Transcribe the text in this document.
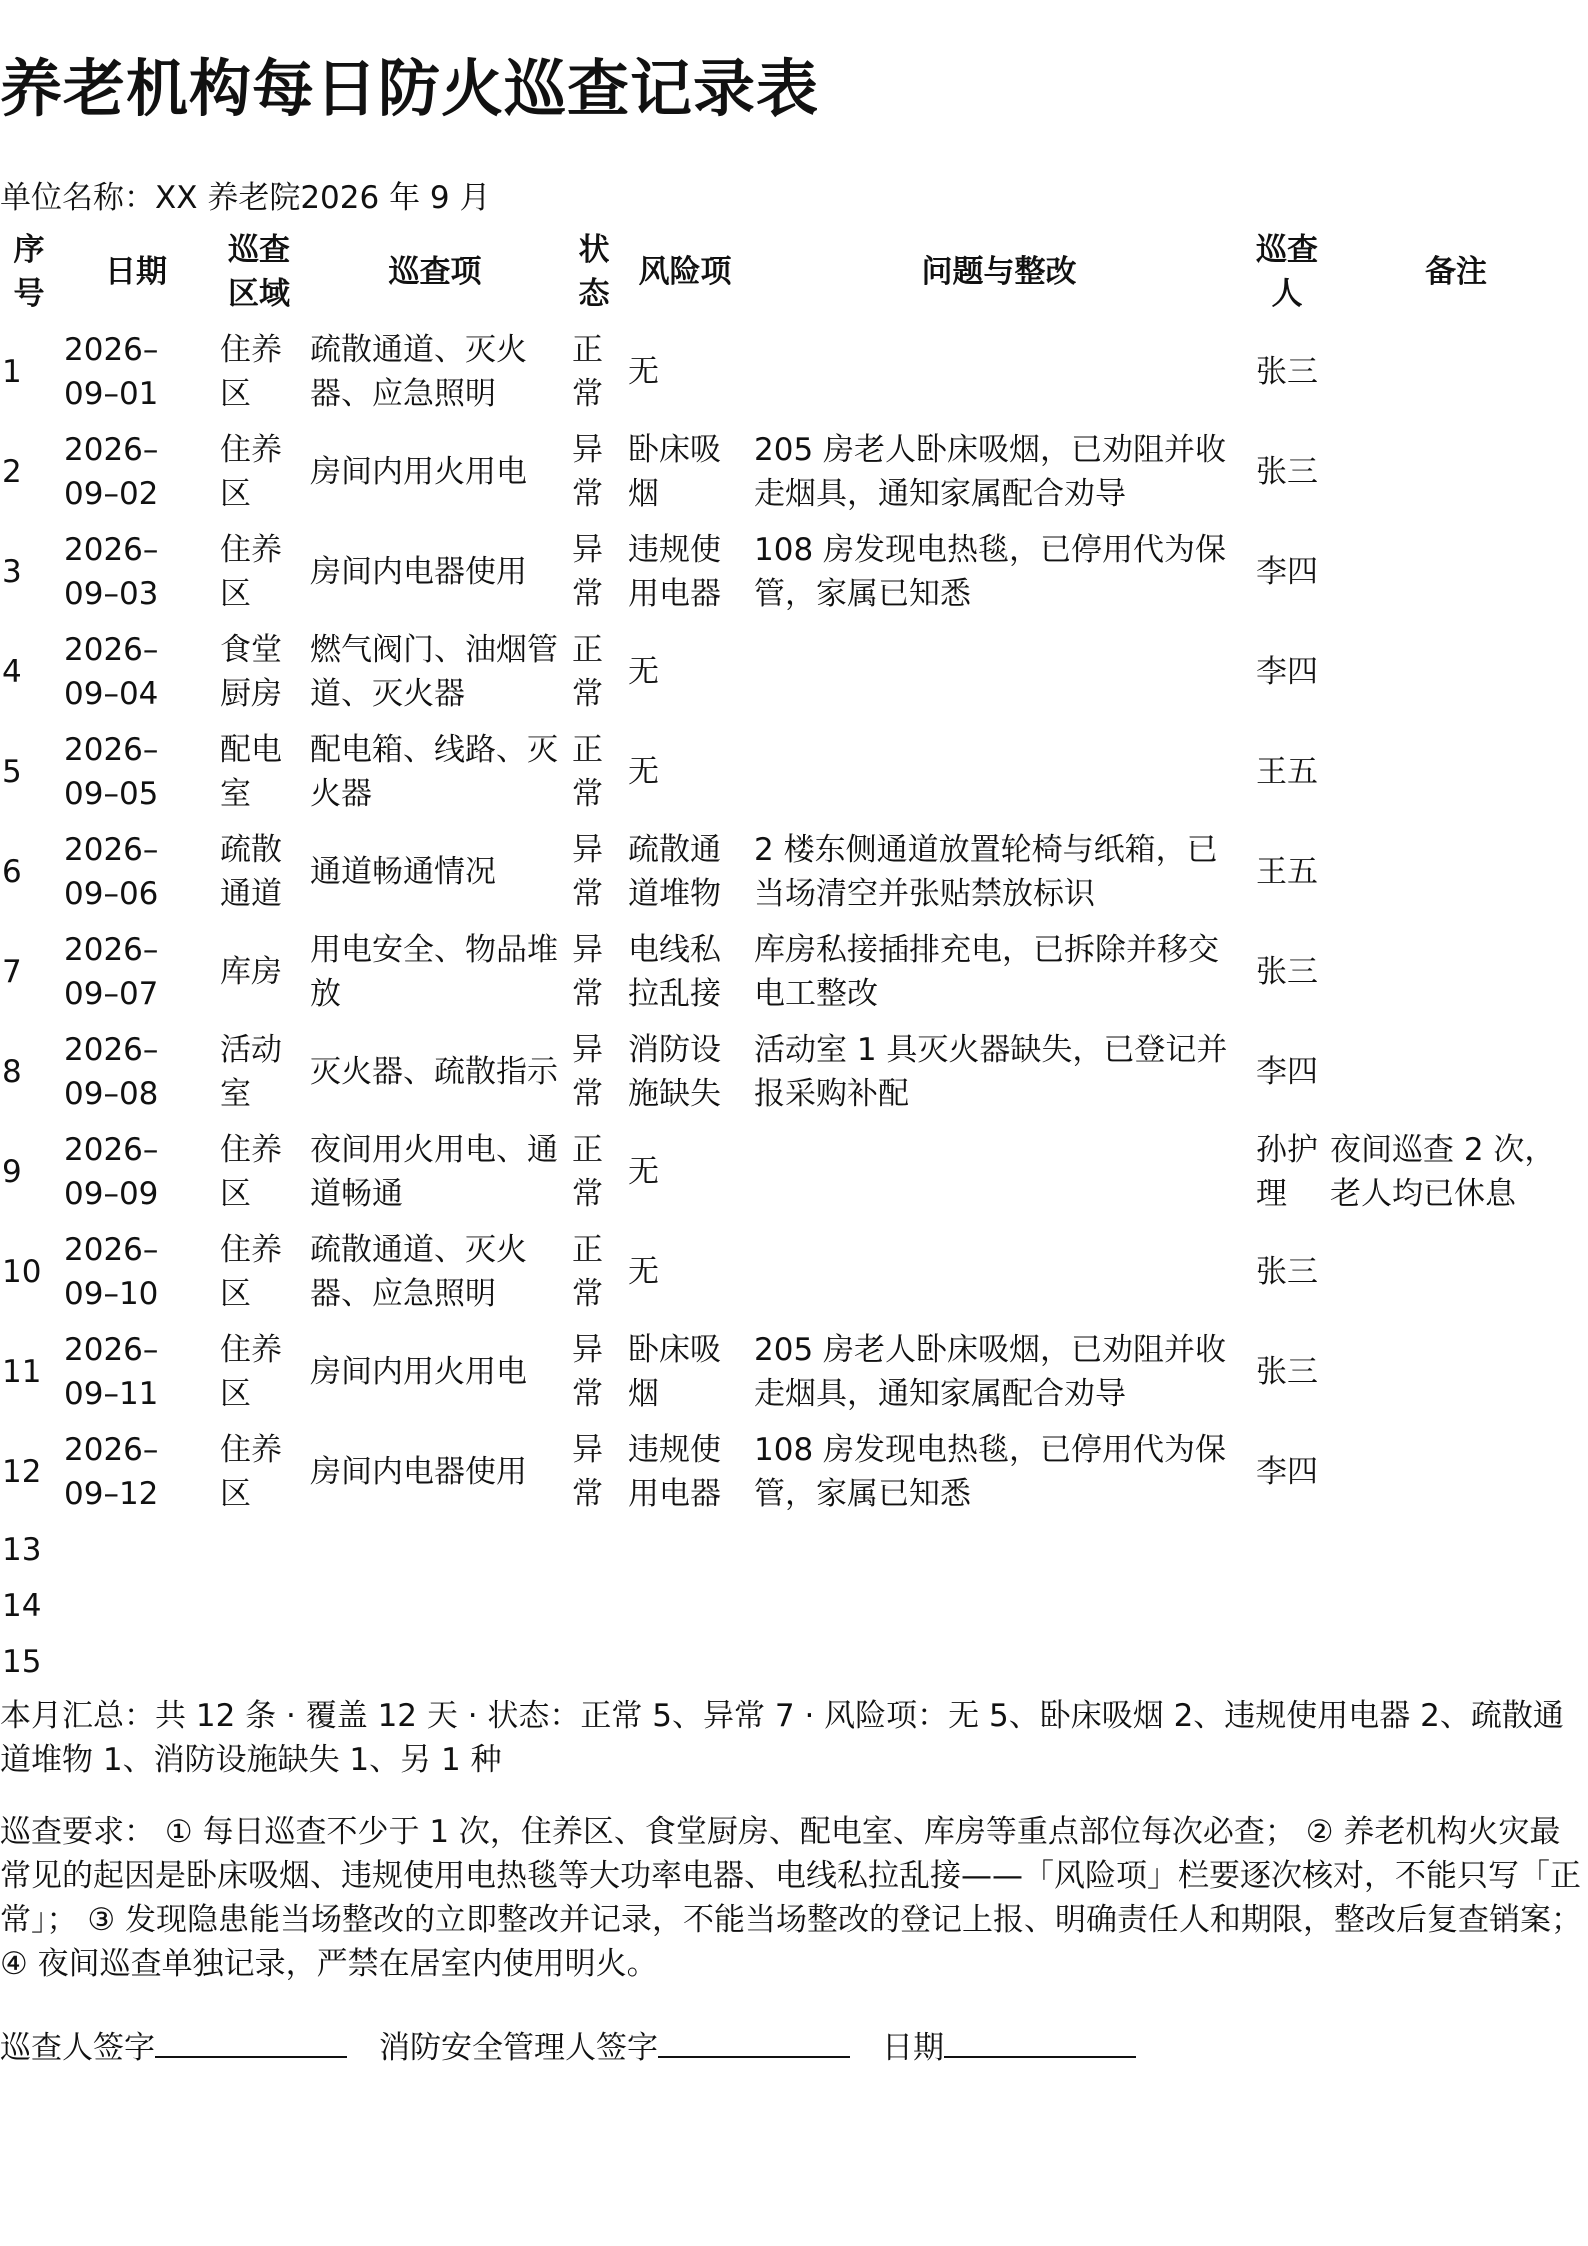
养老机构每日防火巡查记录表
单位名称：XX 养老院2026 年 9 月
序号	日期	巡查区域	巡查项	状态	风险项	问题与整改	巡查人	备注
1	2026–09–01	住养区	疏散通道、灭火器、应急照明	正常	无		张三	
2	2026–09–02	住养区	房间内用火用电	异常	卧床吸烟	205 房老人卧床吸烟，已劝阻并收走烟具，通知家属配合劝导	张三	
3	2026–09–03	住养区	房间内电器使用	异常	违规使用电器	108 房发现电热毯，已停用代为保管，家属已知悉	李四	
4	2026–09–04	食堂厨房	燃气阀门、油烟管道、灭火器	正常	无		李四	
5	2026–09–05	配电室	配电箱、线路、灭火器	正常	无		王五	
6	2026–09–06	疏散通道	通道畅通情况	异常	疏散通道堆物	2 楼东侧通道放置轮椅与纸箱，已当场清空并张贴禁放标识	王五	
7	2026–09–07	库房	用电安全、物品堆放	异常	电线私拉乱接	库房私接插排充电，已拆除并移交电工整改	张三	
8	2026–09–08	活动室	灭火器、疏散指示	异常	消防设施缺失	活动室 1 具灭火器缺失，已登记并报采购补配	李四	
9	2026–09–09	住养区	夜间用火用电、通道畅通	正常	无		孙护理	夜间巡查 2 次，老人均已休息
10	2026–09–10	住养区	疏散通道、灭火器、应急照明	正常	无		张三	
11	2026–09–11	住养区	房间内用火用电	异常	卧床吸烟	205 房老人卧床吸烟，已劝阻并收走烟具，通知家属配合劝导	张三	
12	2026–09–12	住养区	房间内电器使用	异常	违规使用电器	108 房发现电热毯，已停用代为保管，家属已知悉	李四	
13								
14								
15								
本月汇总：共 12 条 · 覆盖 12 天 · 状态：正常 5、异常 7 · 风险项：无 5、卧床吸烟 2、违规使用电器 2、疏散通道堆物 1、消防设施缺失 1、另 1 种
巡查要求： ① 每日巡查不少于 1 次，住养区、食堂厨房、配电室、库房等重点部位每次必查； ② 养老机构火灾最常见的起因是卧床吸烟、违规使用电热毯等大功率电器、电线私拉乱接——「风险项」栏要逐次核对，不能只写「正常」； ③ 发现隐患能当场整改的立即整改并记录，不能当场整改的登记上报、明确责任人和期限，整改后复查销案； ④ 夜间巡查单独记录，严禁在居室内使用明火。
巡查人签字	消防安全管理人签字	日期
